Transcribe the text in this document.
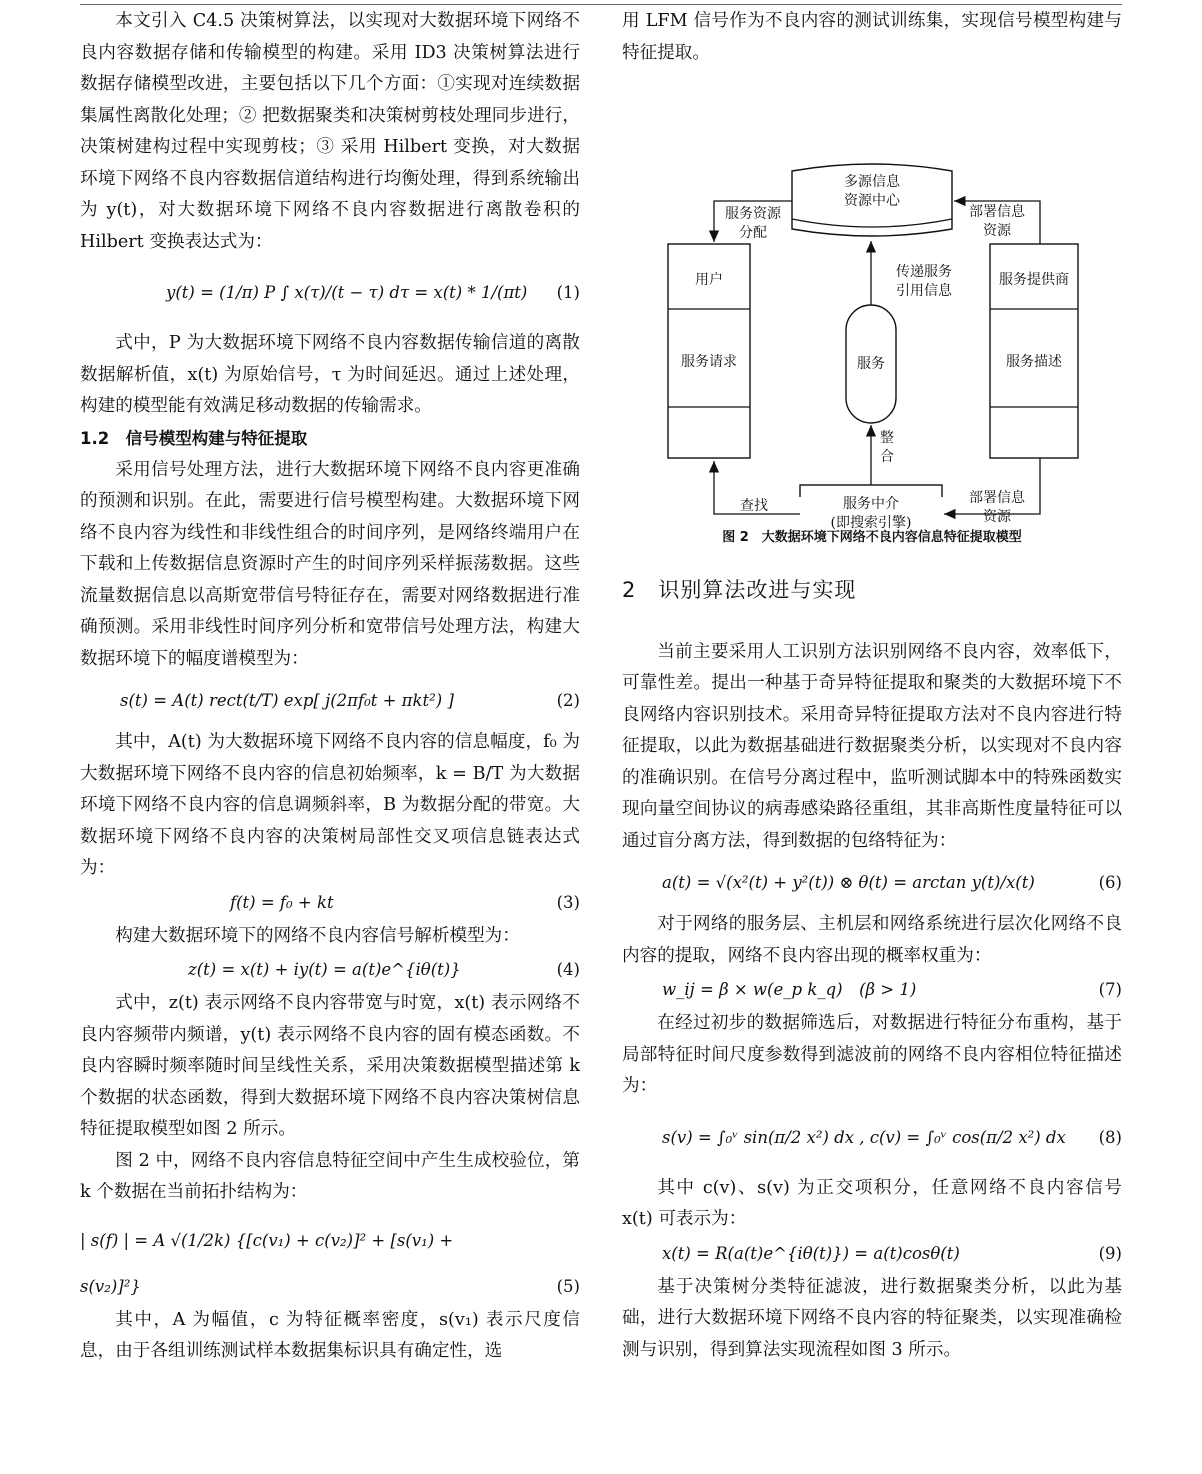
本文引入 C4.5 决策树算法，以实现对大数据环境下网络不良内容数据存储和传输模型的构建。采用 ID3 决策树算法进行数据存储模型改进，主要包括以下几个方面：①实现对连续数据集属性离散化处理；② 把数据聚类和决策树剪枝处理同步进行，决策树建构过程中实现剪枝；③ 采用 Hilbert 变换，对大数据环境下网络不良内容数据信道结构进行均衡处理，得到系统输出为 y(t)，对大数据环境下网络不良内容数据进行离散卷积的 Hilbert 变换表达式为：

y(t) = (1/π) P ∫ x(τ)/(t − τ) dτ = x(t) * 1/(πt) (1)

式中，P 为大数据环境下网络不良内容数据传输信道的离散数据解析值，x(t) 为原始信号，τ 为时间延迟。通过上述处理，构建的模型能有效满足移动数据的传输需求。

1.2　信号模型构建与特征提取

采用信号处理方法，进行大数据环境下网络不良内容更准确的预测和识别。在此，需要进行信号模型构建。大数据环境下网络不良内容为线性和非线性组合的时间序列，是网络终端用户在下载和上传数据信息资源时产生的时间序列采样振荡数据。这些流量数据信息以高斯宽带信号特征存在，需要对网络数据进行准确预测。采用非线性时间序列分析和宽带信号处理方法，构建大数据环境下的幅度谱模型为：

s(t) = A(t) rect(t/T) exp[ j(2πf₀t + πkt²) ]	(2)

其中，A(t) 为大数据环境下网络不良内容的信息幅度，f₀ 为大数据环境下网络不良内容的信息初始频率，k = B/T 为大数据环境下网络不良内容的信息调频斜率，B 为数据分配的带宽。大数据环境下网络不良内容的决策树局部性交叉项信息链表达式为：

f(t) = f₀ + kt	(3)

构建大数据环境下的网络不良内容信号解析模型为：

z(t) = x(t) + iy(t) = a(t)e^{iθ(t)}	(4)

式中，z(t) 表示网络不良内容带宽与时宽，x(t) 表示网络不良内容频带内频谱，y(t) 表示网络不良内容的固有模态函数。不良内容瞬时频率随时间呈线性关系，采用决策数据模型描述第 k 个数据的状态函数，得到大数据环境下网络不良内容决策树信息特征提取模型如图 2 所示。

图 2 中，网络不良内容信息特征空间中产生生成校验位，第 k 个数据在当前拓扑结构为：

| s(f) | = A √(1/2k) {[c(v₁) + c(v₂)]² + [s(v₁) +
s(v₂)]²}	(5)

其中，A 为幅值，c 为特征概率密度，s(v₁) 表示尺度信息，由于各组训练测试样本数据集标识具有确定性，选

用 LFM 信号作为不良内容的测试训练集，实现信号模型构建与特征提取。

多源信息
资源中心
服务资源
分配
部署信息
资源
用户
服务请求
服务提供商
服务描述
传递服务
引用信息
服务
整
合
查找	服务中介
(即搜索引擎)
部署信息
资源

图 2　大数据环境下网络不良内容信息特征提取模型

2　识别算法改进与实现

当前主要采用人工识别方法识别网络不良内容，效率低下，可靠性差。提出一种基于奇异特征提取和聚类的大数据环境下不良网络内容识别技术。采用奇异特征提取方法对不良内容进行特征提取，以此为数据基础进行数据聚类分析，以实现对不良内容的准确识别。在信号分离过程中，监听测试脚本中的特殊函数实现向量空间协议的病毒感染路径重组，其非高斯性度量特征可以通过盲分离方法，得到数据的包络特征为：

a(t) = √(x²(t) + y²(t)) ⊗ θ(t) = arctan y(t)/x(t)	(6)

对于网络的服务层、主机层和网络系统进行层次化网络不良内容的提取，网络不良内容出现的概率权重为：

w_ij = β × w(e_p k_q)　(β > 1)	(7)

在经过初步的数据筛选后，对数据进行特征分布重构，基于局部特征时间尺度参数得到滤波前的网络不良内容相位特征描述为：

s(v) = ∫₀ᵛ sin(π/2 x²) dx , c(v) = ∫₀ᵛ cos(π/2 x²) dx (8)

其中 c(v)、s(v) 为正交项积分，任意网络不良内容信号 x(t) 可表示为：

x(t) = R(a(t)e^{iθ(t)}) = a(t)cosθ(t)	(9)

基于决策树分类特征滤波，进行数据聚类分析，以此为基础，进行大数据环境下网络不良内容的特征聚类，以实现准确检测与识别，得到算法实现流程如图 3 所示。
